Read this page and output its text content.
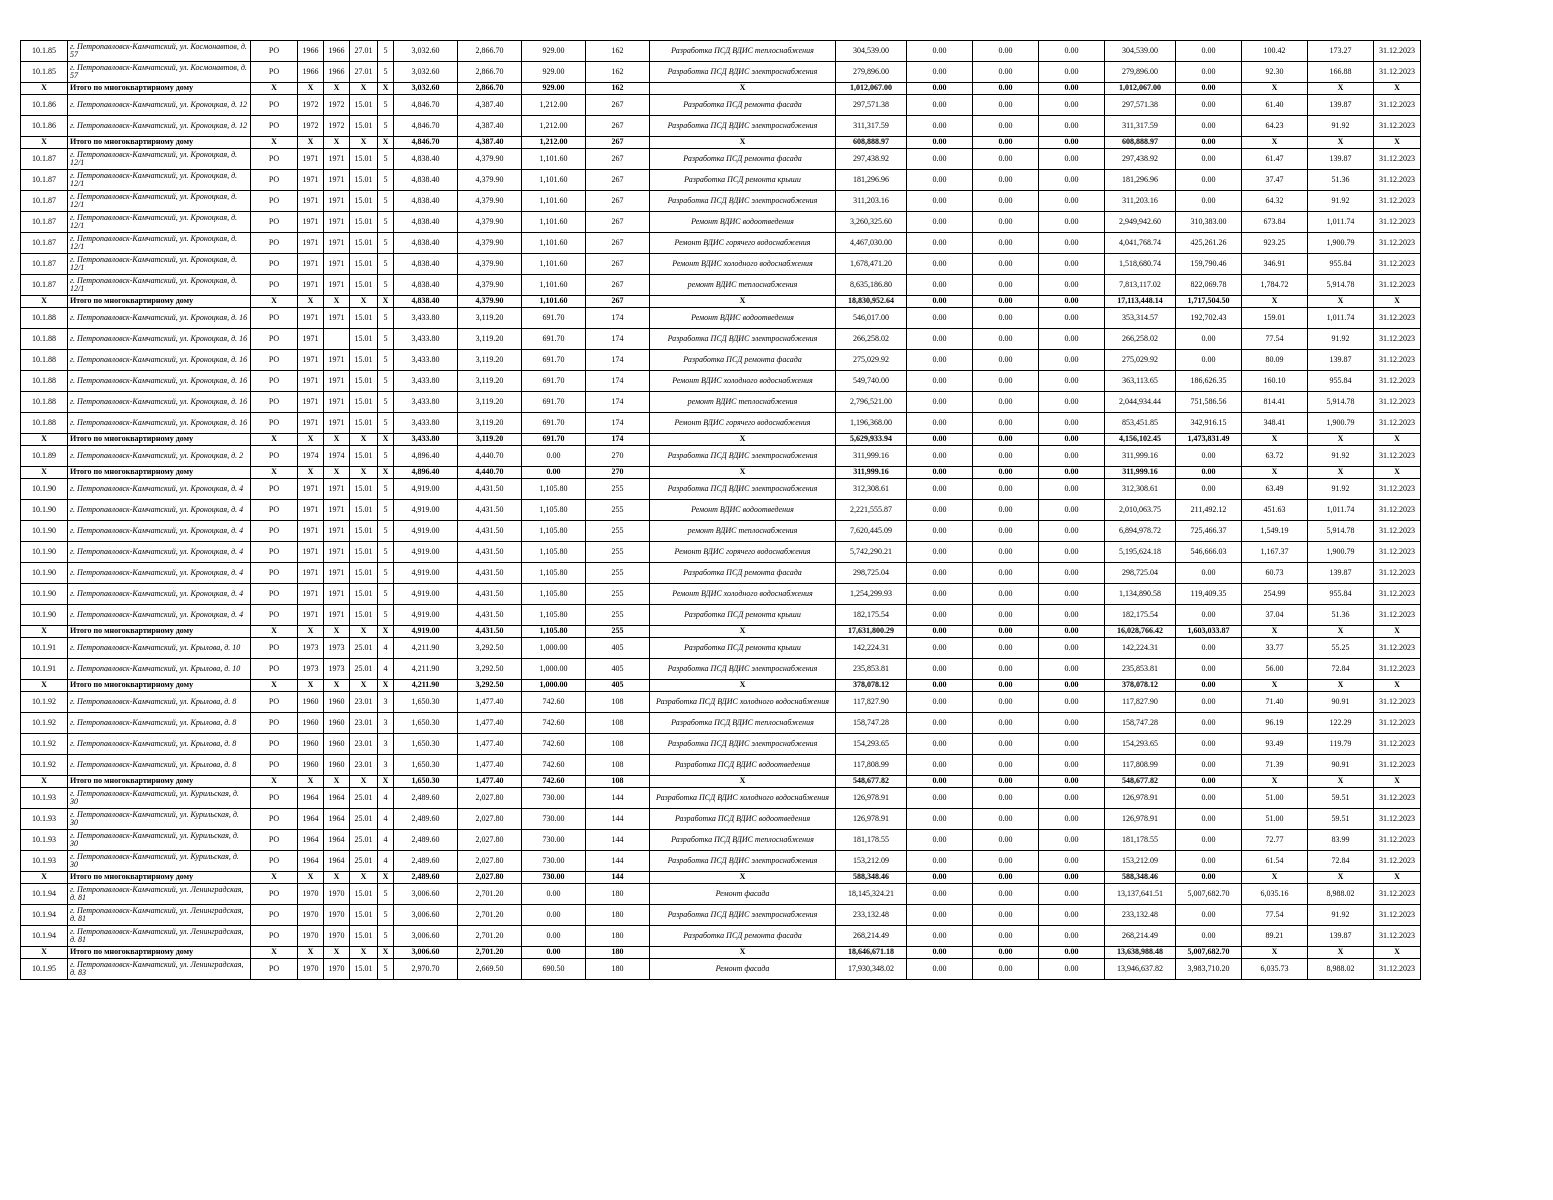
10.1.85	г. Петропавловск-Камчатский, ул. Космонавтов, д. 57	РО	1966	1966	27.01	5	3,032.60	2,866.70	929.00	162	Разработка ПСД ВДИС теплоснабжения	304,539.00	0.00	0.00	0.00	304,539.00	0.00	100.42	173.27	31.12.2023
10.1.85	г. Петропавловск-Камчатский, ул. Космонавтов, д. 57	РО	1966	1966	27.01	5	3,032.60	2,866.70	929.00	162	Разработка ПСД ВДИС электроснабжения	279,896.00	0.00	0.00	0.00	279,896.00	0.00	92.30	166.88	31.12.2023
X	Итого по многоквартирному дому	X	X	X	X	X	3,032.60	2,866.70	929.00	162	X	1,012,067.00	0.00	0.00	0.00	1,012,067.00	0.00	X	X	X
10.1.86	г. Петропавловск-Камчатский, ул. Кроноцкая, д. 12	РО	1972	1972	15.01	5	4,846.70	4,387.40	1,212.00	267	Разработка ПСД ремонта фасада	297,571.38	0.00	0.00	0.00	297,571.38	0.00	61.40	139.87	31.12.2023
10.1.86	г. Петропавловск-Камчатский, ул. Кроноцкая, д. 12	РО	1972	1972	15.01	5	4,846.70	4,387.40	1,212.00	267	Разработка ПСД ВДИС электроснабжения	311,317.59	0.00	0.00	0.00	311,317.59	0.00	64.23	91.92	31.12.2023
X	Итого по многоквартирному дому	X	X	X	X	X	4,846.70	4,387.40	1,212.00	267	X	608,888.97	0.00	0.00	0.00	608,888.97	0.00	X	X	X
10.1.87	г. Петропавловск-Камчатский, ул. Кроноцкая, д. 12/1	РО	1971	1971	15.01	5	4,838.40	4,379.90	1,101.60	267	Разработка ПСД ремонта фасада	297,438.92	0.00	0.00	0.00	297,438.92	0.00	61.47	139.87	31.12.2023
10.1.87	г. Петропавловск-Камчатский, ул. Кроноцкая, д. 12/1	РО	1971	1971	15.01	5	4,838.40	4,379.90	1,101.60	267	Разработка ПСД ремонта крыши	181,296.96	0.00	0.00	0.00	181,296.96	0.00	37.47	51.36	31.12.2023
10.1.87	г. Петропавловск-Камчатский, ул. Кроноцкая, д. 12/1	РО	1971	1971	15.01	5	4,838.40	4,379.90	1,101.60	267	Разработка ПСД ВДИС электроснабжения	311,203.16	0.00	0.00	0.00	311,203.16	0.00	64.32	91.92	31.12.2023
10.1.87	г. Петропавловск-Камчатский, ул. Кроноцкая, д. 12/1	РО	1971	1971	15.01	5	4,838.40	4,379.90	1,101.60	267	Ремонт ВДИС водоотведения	3,260,325.60	0.00	0.00	0.00	2,949,942.60	310,383.00	673.84	1,011.74	31.12.2023
10.1.87	г. Петропавловск-Камчатский, ул. Кроноцкая, д. 12/1	РО	1971	1971	15.01	5	4,838.40	4,379.90	1,101.60	267	Ремонт ВДИС горячего водоснабжения	4,467,030.00	0.00	0.00	0.00	4,041,768.74	425,261.26	923.25	1,900.79	31.12.2023
10.1.87	г. Петропавловск-Камчатский, ул. Кроноцкая, д. 12/1	РО	1971	1971	15.01	5	4,838.40	4,379.90	1,101.60	267	Ремонт ВДИС холодного водоснабжения	1,678,471.20	0.00	0.00	0.00	1,518,680.74	159,790.46	346.91	955.84	31.12.2023
10.1.87	г. Петропавловск-Камчатский, ул. Кроноцкая, д. 12/1	РО	1971	1971	15.01	5	4,838.40	4,379.90	1,101.60	267	ремонт ВДИС теплоснабжения	8,635,186.80	0.00	0.00	0.00	7,813,117.02	822,069.78	1,784.72	5,914.78	31.12.2023
X	Итого по многоквартирному дому	X	X	X	X	X	4,838.40	4,379.90	1,101.60	267	X	18,830,952.64	0.00	0.00	0.00	17,113,448.14	1,717,504.50	X	X	X
10.1.88	г. Петропавловск-Камчатский, ул. Кроноцкая, д. 16	РО	1971	1971	15.01	5	3,433.80	3,119.20	691.70	174	Ремонт ВДИС водоотведения	546,017.00	0.00	0.00	0.00	353,314.57	192,702.43	159.01	1,011.74	31.12.2023
10.1.88	г. Петропавловск-Камчатский, ул. Кроноцкая, д. 16	РО	1971		15.01	5	3,433.80	3,119.20	691.70	174	Разработка ПСД ВДИС электроснабжения	266,258.02	0.00	0.00	0.00	266,258.02	0.00	77.54	91.92	31.12.2023
10.1.88	г. Петропавловск-Камчатский, ул. Кроноцкая, д. 16	РО	1971	1971	15.01	5	3,433.80	3,119.20	691.70	174	Разработка ПСД ремонта фасада	275,029.92	0.00	0.00	0.00	275,029.92	0.00	80.09	139.87	31.12.2023
10.1.88	г. Петропавловск-Камчатский, ул. Кроноцкая, д. 16	РО	1971	1971	15.01	5	3,433.80	3,119.20	691.70	174	Ремонт ВДИС холодного водоснабжения	549,740.00	0.00	0.00	0.00	363,113.65	186,626.35	160.10	955.84	31.12.2023
10.1.88	г. Петропавловск-Камчатский, ул. Кроноцкая, д. 16	РО	1971	1971	15.01	5	3,433.80	3,119.20	691.70	174	ремонт ВДИС теплоснабжения	2,796,521.00	0.00	0.00	0.00	2,044,934.44	751,586.56	814.41	5,914.78	31.12.2023
10.1.88	г. Петропавловск-Камчатский, ул. Кроноцкая, д. 16	РО	1971	1971	15.01	5	3,433.80	3,119.20	691.70	174	Ремонт ВДИС горячего водоснабжения	1,196,368.00	0.00	0.00	0.00	853,451.85	342,916.15	348.41	1,900.79	31.12.2023
X	Итого по многоквартирному дому	X	X	X	X	X	3,433.80	3,119.20	691.70	174	X	5,629,933.94	0.00	0.00	0.00	4,156,102.45	1,473,831.49	X	X	X
10.1.89	г. Петропавловск-Камчатский, ул. Кроноцкая, д. 2	РО	1974	1974	15.01	5	4,896.40	4,440.70	0.00	270	Разработка ПСД ВДИС электроснабжения	311,999.16	0.00	0.00	0.00	311,999.16	0.00	63.72	91.92	31.12.2023
X	Итого по многоквартирному дому	X	X	X	X	X	4,896.40	4,440.70	0.00	270	X	311,999.16	0.00	0.00	0.00	311,999.16	0.00	X	X	X
10.1.90	г. Петропавловск-Камчатский, ул. Кроноцкая, д. 4	РО	1971	1971	15.01	5	4,919.00	4,431.50	1,105.80	255	Разработка ПСД ВДИС электроснабжения	312,308.61	0.00	0.00	0.00	312,308.61	0.00	63.49	91.92	31.12.2023
10.1.90	г. Петропавловск-Камчатский, ул. Кроноцкая, д. 4	РО	1971	1971	15.01	5	4,919.00	4,431.50	1,105.80	255	Ремонт ВДИС водоотведения	2,221,555.87	0.00	0.00	0.00	2,010,063.75	211,492.12	451.63	1,011.74	31.12.2023
10.1.90	г. Петропавловск-Камчатский, ул. Кроноцкая, д. 4	РО	1971	1971	15.01	5	4,919.00	4,431.50	1,105.80	255	ремонт ВДИС теплоснабжения	7,620,445.09	0.00	0.00	0.00	6,894,978.72	725,466.37	1,549.19	5,914.78	31.12.2023
10.1.90	г. Петропавловск-Камчатский, ул. Кроноцкая, д. 4	РО	1971	1971	15.01	5	4,919.00	4,431.50	1,105.80	255	Ремонт ВДИС горячего водоснабжения	5,742,290.21	0.00	0.00	0.00	5,195,624.18	546,666.03	1,167.37	1,900.79	31.12.2023
10.1.90	г. Петропавловск-Камчатский, ул. Кроноцкая, д. 4	РО	1971	1971	15.01	5	4,919.00	4,431.50	1,105.80	255	Разработка ПСД ремонта фасада	298,725.04	0.00	0.00	0.00	298,725.04	0.00	60.73	139.87	31.12.2023
10.1.90	г. Петропавловск-Камчатский, ул. Кроноцкая, д. 4	РО	1971	1971	15.01	5	4,919.00	4,431.50	1,105.80	255	Ремонт ВДИС холодного водоснабжения	1,254,299.93	0.00	0.00	0.00	1,134,890.58	119,409.35	254.99	955.84	31.12.2023
10.1.90	г. Петропавловск-Камчатский, ул. Кроноцкая, д. 4	РО	1971	1971	15.01	5	4,919.00	4,431.50	1,105.80	255	Разработка ПСД ремонта крыши	182,175.54	0.00	0.00	0.00	182,175.54	0.00	37.04	51.36	31.12.2023
X	Итого по многоквартирному дому	X	X	X	X	X	4,919.00	4,431.50	1,105.80	255	X	17,631,800.29	0.00	0.00	0.00	16,028,766.42	1,603,033.87	X	X	X
10.1.91	г. Петропавловск-Камчатский, ул. Крылова, д. 10	РО	1973	1973	25.01	4	4,211.90	3,292.50	1,000.00	405	Разработка ПСД ремонта крыши	142,224.31	0.00	0.00	0.00	142,224.31	0.00	33.77	55.25	31.12.2023
10.1.91	г. Петропавловск-Камчатский, ул. Крылова, д. 10	РО	1973	1973	25.01	4	4,211.90	3,292.50	1,000.00	405	Разработка ПСД ВДИС электроснабжения	235,853.81	0.00	0.00	0.00	235,853.81	0.00	56.00	72.84	31.12.2023
X	Итого по многоквартирному дому	X	X	X	X	X	4,211.90	3,292.50	1,000.00	405	X	378,078.12	0.00	0.00	0.00	378,078.12	0.00	X	X	X
10.1.92	г. Петропавловск-Камчатский, ул. Крылова, д. 8	РО	1960	1960	23.01	3	1,650.30	1,477.40	742.60	108	Разработка ПСД ВДИС холодного водоснабжения	117,827.90	0.00	0.00	0.00	117,827.90	0.00	71.40	90.91	31.12.2023
10.1.92	г. Петропавловск-Камчатский, ул. Крылова, д. 8	РО	1960	1960	23.01	3	1,650.30	1,477.40	742.60	108	Разработка ПСД ВДИС теплоснабжения	158,747.28	0.00	0.00	0.00	158,747.28	0.00	96.19	122.29	31.12.2023
10.1.92	г. Петропавловск-Камчатский, ул. Крылова, д. 8	РО	1960	1960	23.01	3	1,650.30	1,477.40	742.60	108	Разработка ПСД ВДИС электроснабжения	154,293.65	0.00	0.00	0.00	154,293.65	0.00	93.49	119.79	31.12.2023
10.1.92	г. Петропавловск-Камчатский, ул. Крылова, д. 8	РО	1960	1960	23.01	3	1,650.30	1,477.40	742.60	108	Разработка ПСД ВДИС водоотведения	117,808.99	0.00	0.00	0.00	117,808.99	0.00	71.39	90.91	31.12.2023
X	Итого по многоквартирному дому	X	X	X	X	X	1,650.30	1,477.40	742.60	108	X	548,677.82	0.00	0.00	0.00	548,677.82	0.00	X	X	X
10.1.93	г. Петропавловск-Камчатский, ул. Курильская, д. 30	РО	1964	1964	25.01	4	2,489.60	2,027.80	730.00	144	Разработка ПСД ВДИС холодного водоснабжения	126,978.91	0.00	0.00	0.00	126,978.91	0.00	51.00	59.51	31.12.2023
10.1.93	г. Петропавловск-Камчатский, ул. Курильская, д. 30	РО	1964	1964	25.01	4	2,489.60	2,027.80	730.00	144	Разработка ПСД ВДИС водоотведения	126,978.91	0.00	0.00	0.00	126,978.91	0.00	51.00	59.51	31.12.2023
10.1.93	г. Петропавловск-Камчатский, ул. Курильская, д. 30	РО	1964	1964	25.01	4	2,489.60	2,027.80	730.00	144	Разработка ПСД ВДИС теплоснабжения	181,178.55	0.00	0.00	0.00	181,178.55	0.00	72.77	83.99	31.12.2023
10.1.93	г. Петропавловск-Камчатский, ул. Курильская, д. 30	РО	1964	1964	25.01	4	2,489.60	2,027.80	730.00	144	Разработка ПСД ВДИС электроснабжения	153,212.09	0.00	0.00	0.00	153,212.09	0.00	61.54	72.84	31.12.2023
X	Итого по многоквартирному дому	X	X	X	X	X	2,489.60	2,027.80	730.00	144	X	588,348.46	0.00	0.00	0.00	588,348.46	0.00	X	X	X
10.1.94	г. Петропавловск-Камчатский, ул. Ленинградская, д. 81	РО	1970	1970	15.01	5	3,006.60	2,701.20	0.00	180	Ремонт фасада	18,145,324.21	0.00	0.00	0.00	13,137,641.51	5,007,682.70	6,035.16	8,988.02	31.12.2023
10.1.94	г. Петропавловск-Камчатский, ул. Ленинградская, д. 81	РО	1970	1970	15.01	5	3,006.60	2,701.20	0.00	180	Разработка ПСД ВДИС электроснабжения	233,132.48	0.00	0.00	0.00	233,132.48	0.00	77.54	91.92	31.12.2023
10.1.94	г. Петропавловск-Камчатский, ул. Ленинградская, д. 81	РО	1970	1970	15.01	5	3,006.60	2,701.20	0.00	180	Разработка ПСД ремонта фасада	268,214.49	0.00	0.00	0.00	268,214.49	0.00	89.21	139.87	31.12.2023
X	Итого по многоквартирному дому	X	X	X	X	X	3,006.60	2,701.20	0.00	180	X	18,646,671.18	0.00	0.00	0.00	13,638,988.48	5,007,682.70	X	X	X
10.1.95	г. Петропавловск-Камчатский, ул. Ленинградская, д. 83	РО	1970	1970	15.01	5	2,970.70	2,669.50	690.50	180	Ремонт фасада	17,930,348.02	0.00	0.00	0.00	13,946,637.82	3,983,710.20	6,035.73	8,988.02	31.12.2023
